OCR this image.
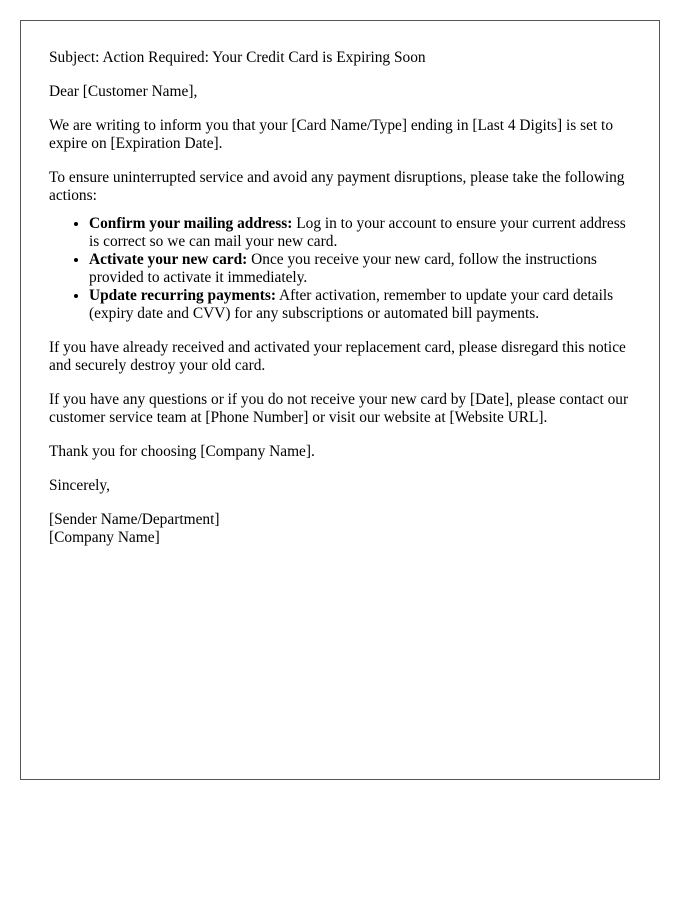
Subject: Action Required: Your Credit Card is Expiring Soon

Dear [Customer Name],

We are writing to inform you that your [Card Name/Type] ending in [Last 4 Digits] is set to expire on [Expiration Date].

To ensure uninterrupted service and avoid any payment disruptions, please take the following actions:

• Confirm your mailing address: Log in to your account to ensure your current address is correct so we can mail your new card.
• Activate your new card: Once you receive your new card, follow the instructions provided to activate it immediately.
• Update recurring payments: After activation, remember to update your card details (expiry date and CVV) for any subscriptions or automated bill payments.

If you have already received and activated your replacement card, please disregard this notice and securely destroy your old card.

If you have any questions or if you do not receive your new card by [Date], please contact our customer service team at [Phone Number] or visit our website at [Website URL].

Thank you for choosing [Company Name].

Sincerely,

[Sender Name/Department]
[Company Name]
